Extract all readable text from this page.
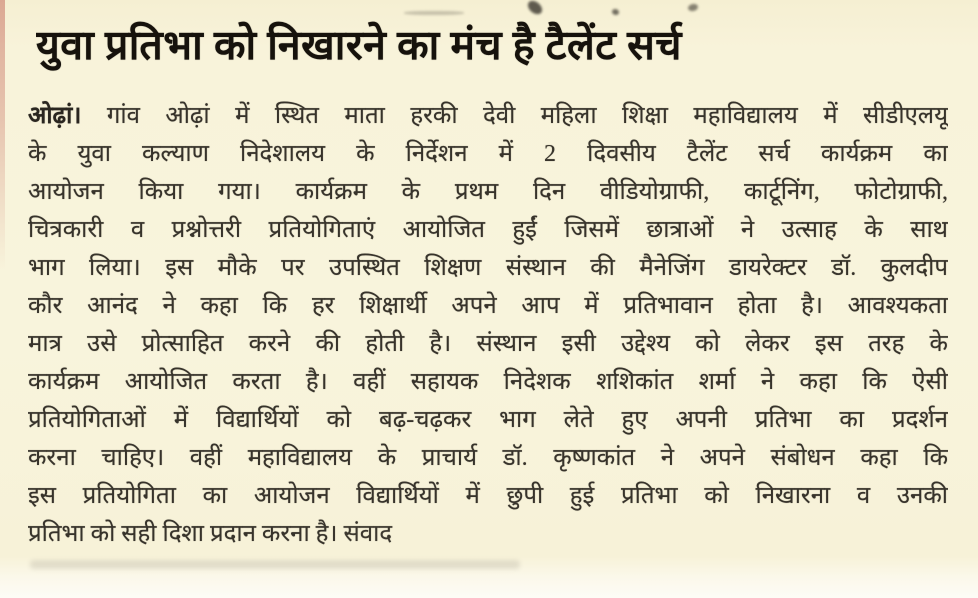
युवा प्रतिभा को निखारने का मंच है टैलेंट सर्च
ओढ़ां। गांव ओढ़ां में स्थित माता हरकी देवी महिला शिक्षा महाविद्यालय में सीडीएलयू
के युवा कल्याण निदेशालय के निर्देशन में 2 दिवसीय टैलेंट सर्च कार्यक्रम का
आयोजन किया गया। कार्यक्रम के प्रथम दिन वीडियोग्राफी, कार्टूनिंग, फोटोग्राफी,
चित्रकारी व प्रश्नोत्तरी प्रतियोगिताएं आयोजित हुईं जिसमें छात्राओं ने उत्साह के साथ
भाग लिया। इस मौके पर उपस्थित शिक्षण संस्थान की मैनेजिंग डायरेक्टर डॉ. कुलदीप
कौर आनंद ने कहा कि हर शिक्षार्थी अपने आप में प्रतिभावान होता है। आवश्यकता
मात्र उसे प्रोत्साहित करने की होती है। संस्थान इसी उद्देश्य को लेकर इस तरह के
कार्यक्रम आयोजित करता है। वहीं सहायक निदेशक शशिकांत शर्मा ने कहा कि ऐसी
प्रतियोगिताओं में विद्यार्थियों को बढ़-चढ़कर भाग लेते हुए अपनी प्रतिभा का प्रदर्शन
करना चाहिए। वहीं महाविद्यालय के प्राचार्य डॉ. कृष्णकांत ने अपने संबोधन कहा कि
इस प्रतियोगिता का आयोजन विद्यार्थियों में छुपी हुई प्रतिभा को निखारना व उनकी
प्रतिभा को सही दिशा प्रदान करना है। संवाद
